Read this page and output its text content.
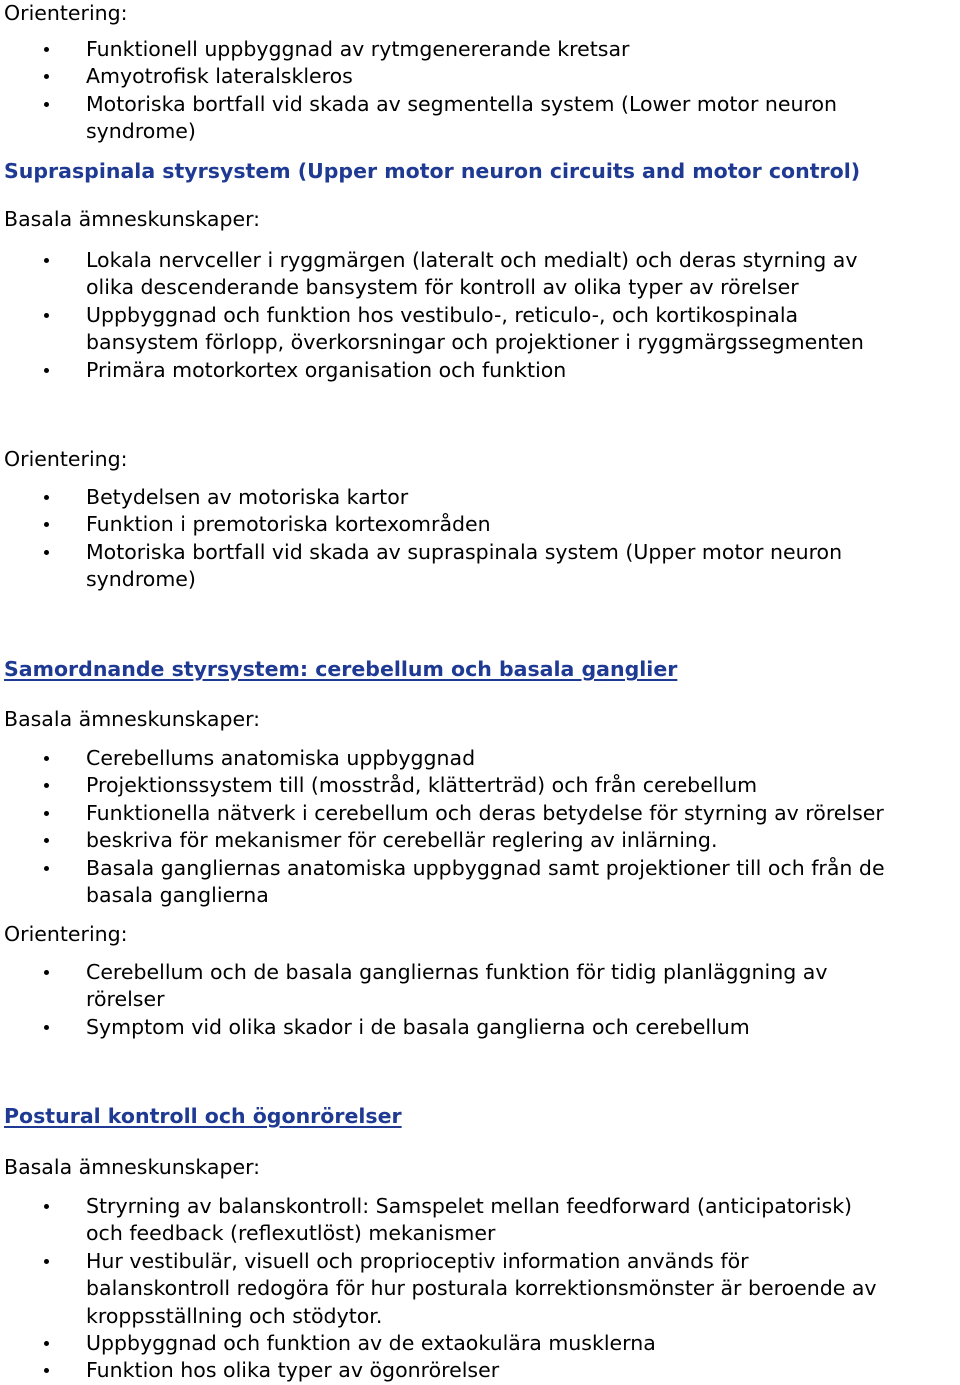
Orientering:
Funktionell uppbyggnad av rytmgenererande kretsar
Amyotrofisk lateralskleros
Motoriska bortfall vid skada av segmentella system (Lower motor neuron
syndrome)
Supraspinala styrsystem (Upper motor neuron circuits and motor control)
Basala ämneskunskaper:
Lokala nervceller i ryggmärgen (lateralt och medialt) och deras styrning av
olika descenderande bansystem för kontroll av olika typer av rörelser
Uppbyggnad och funktion hos vestibulo-, reticulo-, och kortikospinala
bansystem förlopp, överkorsningar och projektioner i ryggmärgssegmenten
Primära motorkortex organisation och funktion
Orientering:
Betydelsen av motoriska kartor
Funktion i premotoriska kortexområden
Motoriska bortfall vid skada av supraspinala system (Upper motor neuron
syndrome)
Samordnande styrsystem: cerebellum och basala ganglier
Basala ämneskunskaper:
Cerebellums anatomiska uppbyggnad
Projektionssystem till (mosstråd, klätterträd) och från cerebellum
Funktionella nätverk i cerebellum och deras betydelse för styrning av rörelser
beskriva för mekanismer för cerebellär reglering av inlärning.
Basala gangliernas anatomiska uppbyggnad samt projektioner till och från de
basala ganglierna
Orientering:
Cerebellum och de basala gangliernas funktion för tidig planläggning av
rörelser
Symptom vid olika skador i de basala ganglierna och cerebellum
Postural kontroll och ögonrörelser
Basala ämneskunskaper:
Stryrning av balanskontroll: Samspelet mellan feedforward (anticipatorisk)
och feedback (reflexutlöst) mekanismer
Hur vestibulär, visuell och proprioceptiv information används för
balanskontroll redogöra för hur posturala korrektionsmönster är beroende av
kroppsställning och stödytor.
Uppbyggnad och funktion av de extaokulära musklerna
Funktion hos olika typer av ögonrörelser
